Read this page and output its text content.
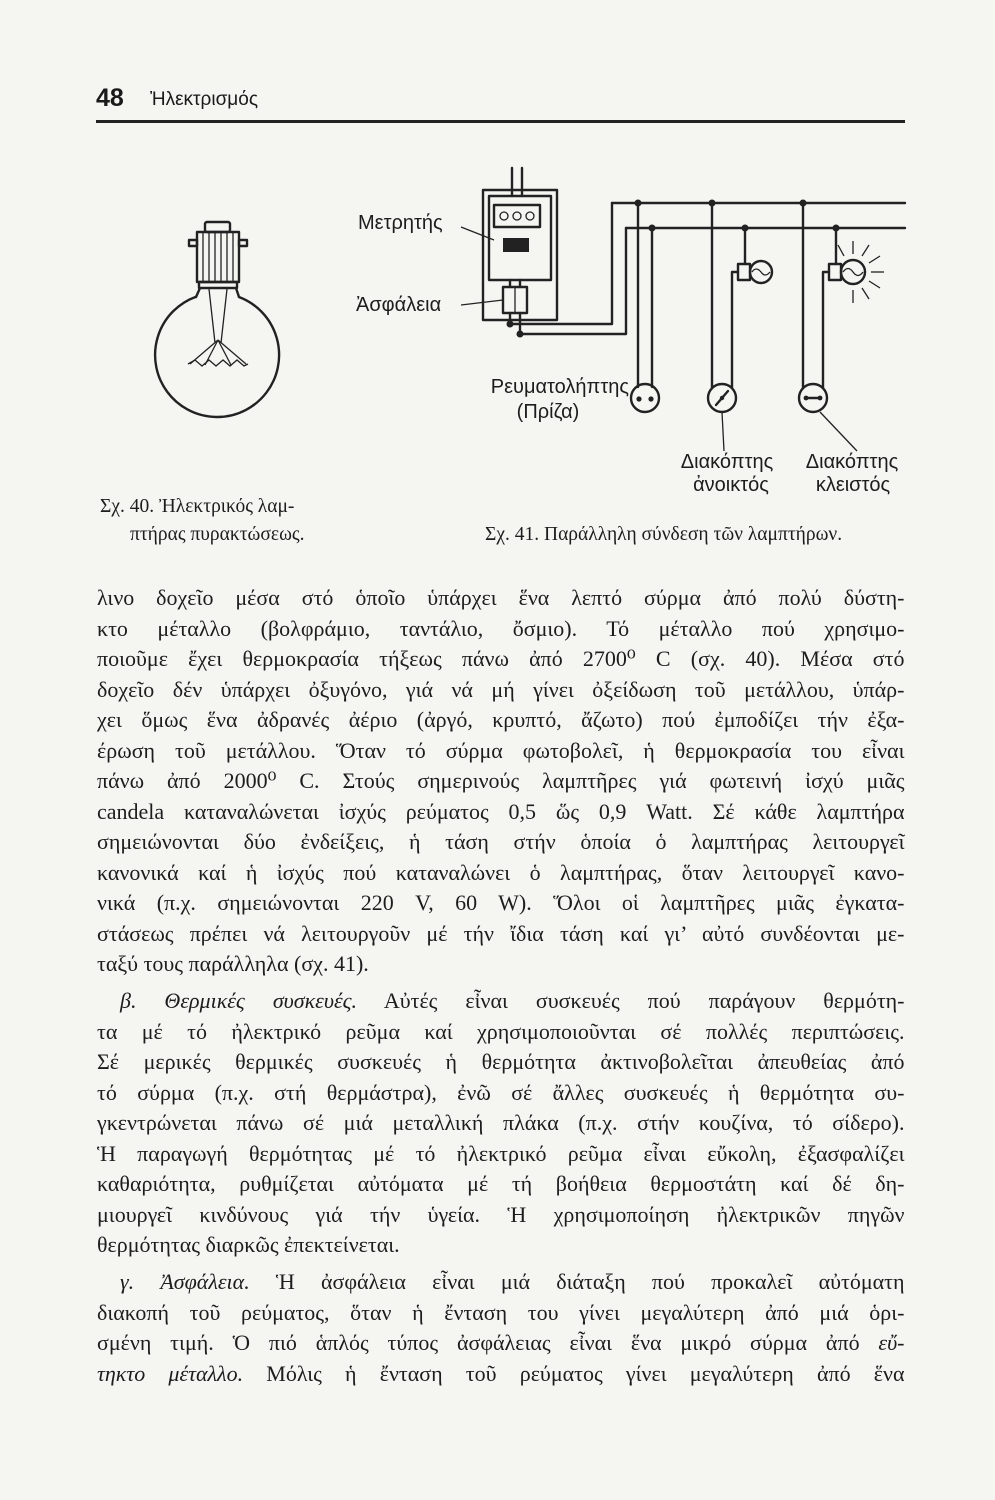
48 Ἠλεκτρισμός
Σχ. 40. Ἠλεκτρικός λαμ-
πτήρας πυρακτώσεως.
Μετρητής
Ἀσφάλεια
Ρευματολήπτης
(Πρίζα)
Διακόπτης
ἀνοικτός
Διακόπτης
κλειστός
Σχ. 41. Παράλληλη σύνδεση τῶν λαμπτήρων.
λινο δοχεῖο μέσα στό ὁποῖο ὑπάρχει ἕνα λεπτό σύρμα ἀπό πολύ δύστη-
κτο μέταλλο (βολφράμιο, ταντάλιο, ὄσμιο). Τό μέταλλο πού χρησιμο-
ποιοῦμε ἔχει θερμοκρασία τήξεως πάνω ἀπό 2700⁰ C (σχ. 40). Μέσα στό
δοχεῖο δέν ὑπάρχει ὀξυγόνο, γιά νά μή γίνει ὀξείδωση τοῦ μετάλλου, ὑπάρ-
χει ὅμως ἕνα ἀδρανές ἀέριο (ἀργό, κρυπτό, ἄζωτο) πού ἐμποδίζει τήν ἐξα-
έρωση τοῦ μετάλλου. Ὅταν τό σύρμα φωτοβολεῖ, ἡ θερμοκρασία του εἶναι
πάνω ἀπό 2000⁰ C. Στούς σημερινούς λαμπτῆρες γιά φωτεινή ἰσχύ μιᾶς
candela καταναλώνεται ἰσχύς ρεύματος 0,5 ὥς 0,9 Watt. Σέ κάθε λαμπτήρα
σημειώνονται δύο ἐνδείξεις, ἡ τάση στήν ὁποία ὁ λαμπτήρας λειτουργεῖ
κανονικά καί ἡ ἰσχύς πού καταναλώνει ὁ λαμπτήρας, ὅταν λειτουργεῖ κανο-
νικά (π.χ. σημειώνονται 220 V, 60 W). Ὅλοι οἱ λαμπτῆρες μιᾶς ἐγκατα-
στάσεως πρέπει νά λειτουργοῦν μέ τήν ἴδια τάση καί γι’ αὐτό συνδέονται με-
ταξύ τους παράλληλα (σχ. 41).
β. Θερμικές συσκευές. Αὐτές εἶναι συσκευές πού παράγουν θερμότη-
τα μέ τό ἠλεκτρικό ρεῦμα καί χρησιμοποιοῦνται σέ πολλές περιπτώσεις.
Σέ μερικές θερμικές συσκευές ἡ θερμότητα ἀκτινοβολεῖται ἀπευθείας ἀπό
τό σύρμα (π.χ. στή θερμάστρα), ἐνῶ σέ ἄλλες συσκευές ἡ θερμότητα συ-
γκεντρώνεται πάνω σέ μιά μεταλλική πλάκα (π.χ. στήν κουζίνα, τό σίδερο).
Ἡ παραγωγή θερμότητας μέ τό ἠλεκτρικό ρεῦμα εἶναι εὔκολη, ἐξασφαλίζει
καθαριότητα, ρυθμίζεται αὐτόματα μέ τή βοήθεια θερμοστάτη καί δέ δη-
μιουργεῖ κινδύνους γιά τήν ὑγεία. Ἡ χρησιμοποίηση ἠλεκτρικῶν πηγῶν
θερμότητας διαρκῶς ἐπεκτείνεται.
γ. Ἀσφάλεια. Ἡ ἀσφάλεια εἶναι μιά διάταξη πού προκαλεῖ αὐτόματη
διακοπή τοῦ ρεύματος, ὅταν ἡ ἔνταση του γίνει μεγαλύτερη ἀπό μιά ὁρι-
σμένη τιμή. Ὁ πιό ἁπλός τύπος ἀσφάλειας εἶναι ἕνα μικρό σύρμα ἀπό εὔ-
τηκτο μέταλλο. Μόλις ἡ ἔνταση τοῦ ρεύματος γίνει μεγαλύτερη ἀπό ἕνα
